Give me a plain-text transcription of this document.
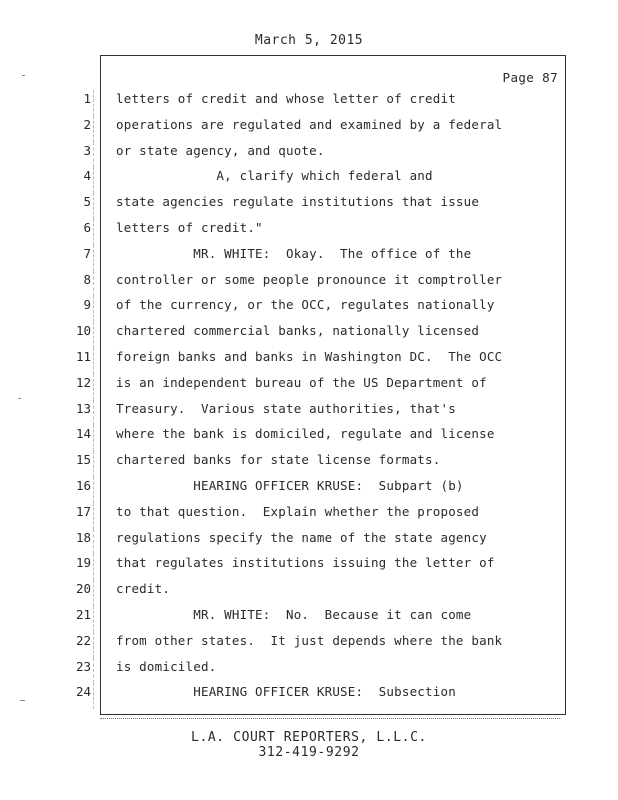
March 5, 2015
Page 87
1
2
3
4
5
6
7
8
9
10
11
12
13
14
15
16
17
18
19
20
21
22
23
24
letters of credit and whose letter of credit
operations are regulated and examined by a federal
or state agency, and quote.
A, clarify which federal and
state agencies regulate institutions that issue
letters of credit."
MR. WHITE:  Okay.  The office of the
controller or some people pronounce it comptroller
of the currency, or the OCC, regulates nationally
chartered commercial banks, nationally licensed
foreign banks and banks in Washington DC.  The OCC
is an independent bureau of the US Department of
Treasury.  Various state authorities, that's
where the bank is domiciled, regulate and license
chartered banks for state license formats.
HEARING OFFICER KRUSE:  Subpart (b)
to that question.  Explain whether the proposed
regulations specify the name of the state agency
that regulates institutions issuing the letter of
credit.
MR. WHITE:  No.  Because it can come
from other states.  It just depends where the bank
is domiciled.
HEARING OFFICER KRUSE:  Subsection
L.A. COURT REPORTERS, L.L.C.
312-419-9292
